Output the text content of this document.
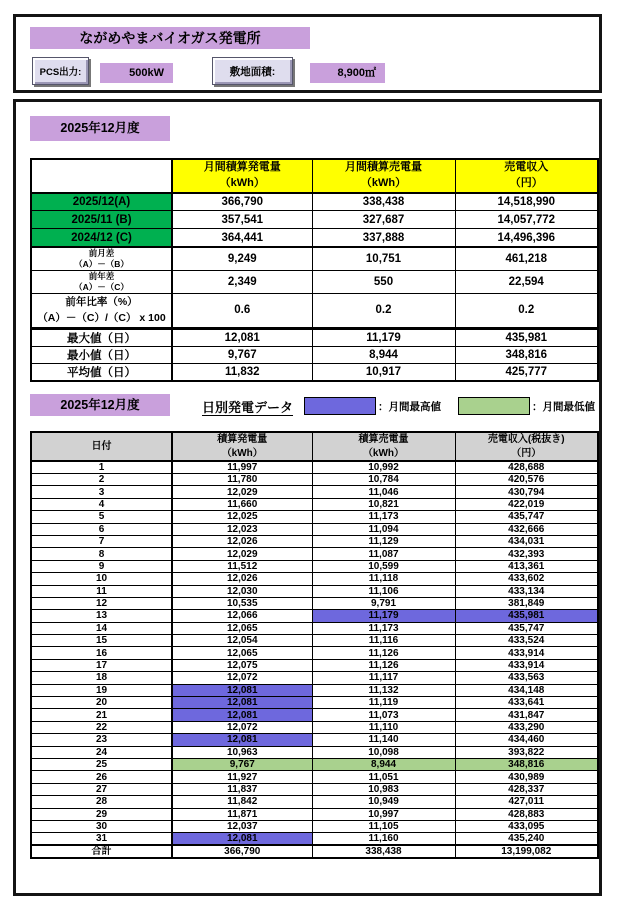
ながめやまバイオガス発電所
PCS出力:	500kW	敷地面積:	8,900㎡
2025年12月度

月間積算発電量
（kWh）

月間積算売電量
（kWh）

売電収入
（円）

2025/12(A)	366,790	338,438	14,518,990

2025/11 (B)	357,541	327,687	14,057,772

2024/12 (C)	364,441	337,888	14,496,396

前月差
（A）－（B）	9,249	10,751	461,218

前年差
（A）－（C）	2,349	550	22,594

前年比率（%）
（A）－（C）/（C） x 100	0.6	0.2	0.2

最大値（日）	12,081	11,179	435,981

最小値（日）	9,767	8,944	348,816

平均値（日）	11,832	10,917	425,777
2025年12月度	日別発電データ	：月間最高値	：月間最低値
日付

積算発電量
（kWh）

積算売電量
（kWh）

売電収入(税抜き)
（円）

1	11,997	10,992	428,688
2	11,780	10,784	420,576
3	12,029	11,046	430,794
4	11,660	10,821	422,019
5	12,025	11,173	435,747
6	12,023	11,094	432,666
7	12,026	11,129	434,031
8	12,029	11,087	432,393
9	11,512	10,599	413,361
10	12,026	11,118	433,602
11	12,030	11,106	433,134
12	10,535	9,791	381,849
13	12,066	11,179	435,981
14	12,065	11,173	435,747
15	12,054	11,116	433,524
16	12,065	11,126	433,914
17	12,075	11,126	433,914
18	12,072	11,117	433,563
19	12,081	11,132	434,148
20	12,081	11,119	433,641
21	12,081	11,073	431,847
22	12,072	11,110	433,290
23	12,081	11,140	434,460
24	10,963	10,098	393,822
25	9,767	8,944	348,816
26	11,927	11,051	430,989
27	11,837	10,983	428,337
28	11,842	10,949	427,011
29	11,871	10,997	428,883
30	12,037	11,105	433,095
31	12,081	11,160	435,240
合計	366,790	338,438	13,199,082
